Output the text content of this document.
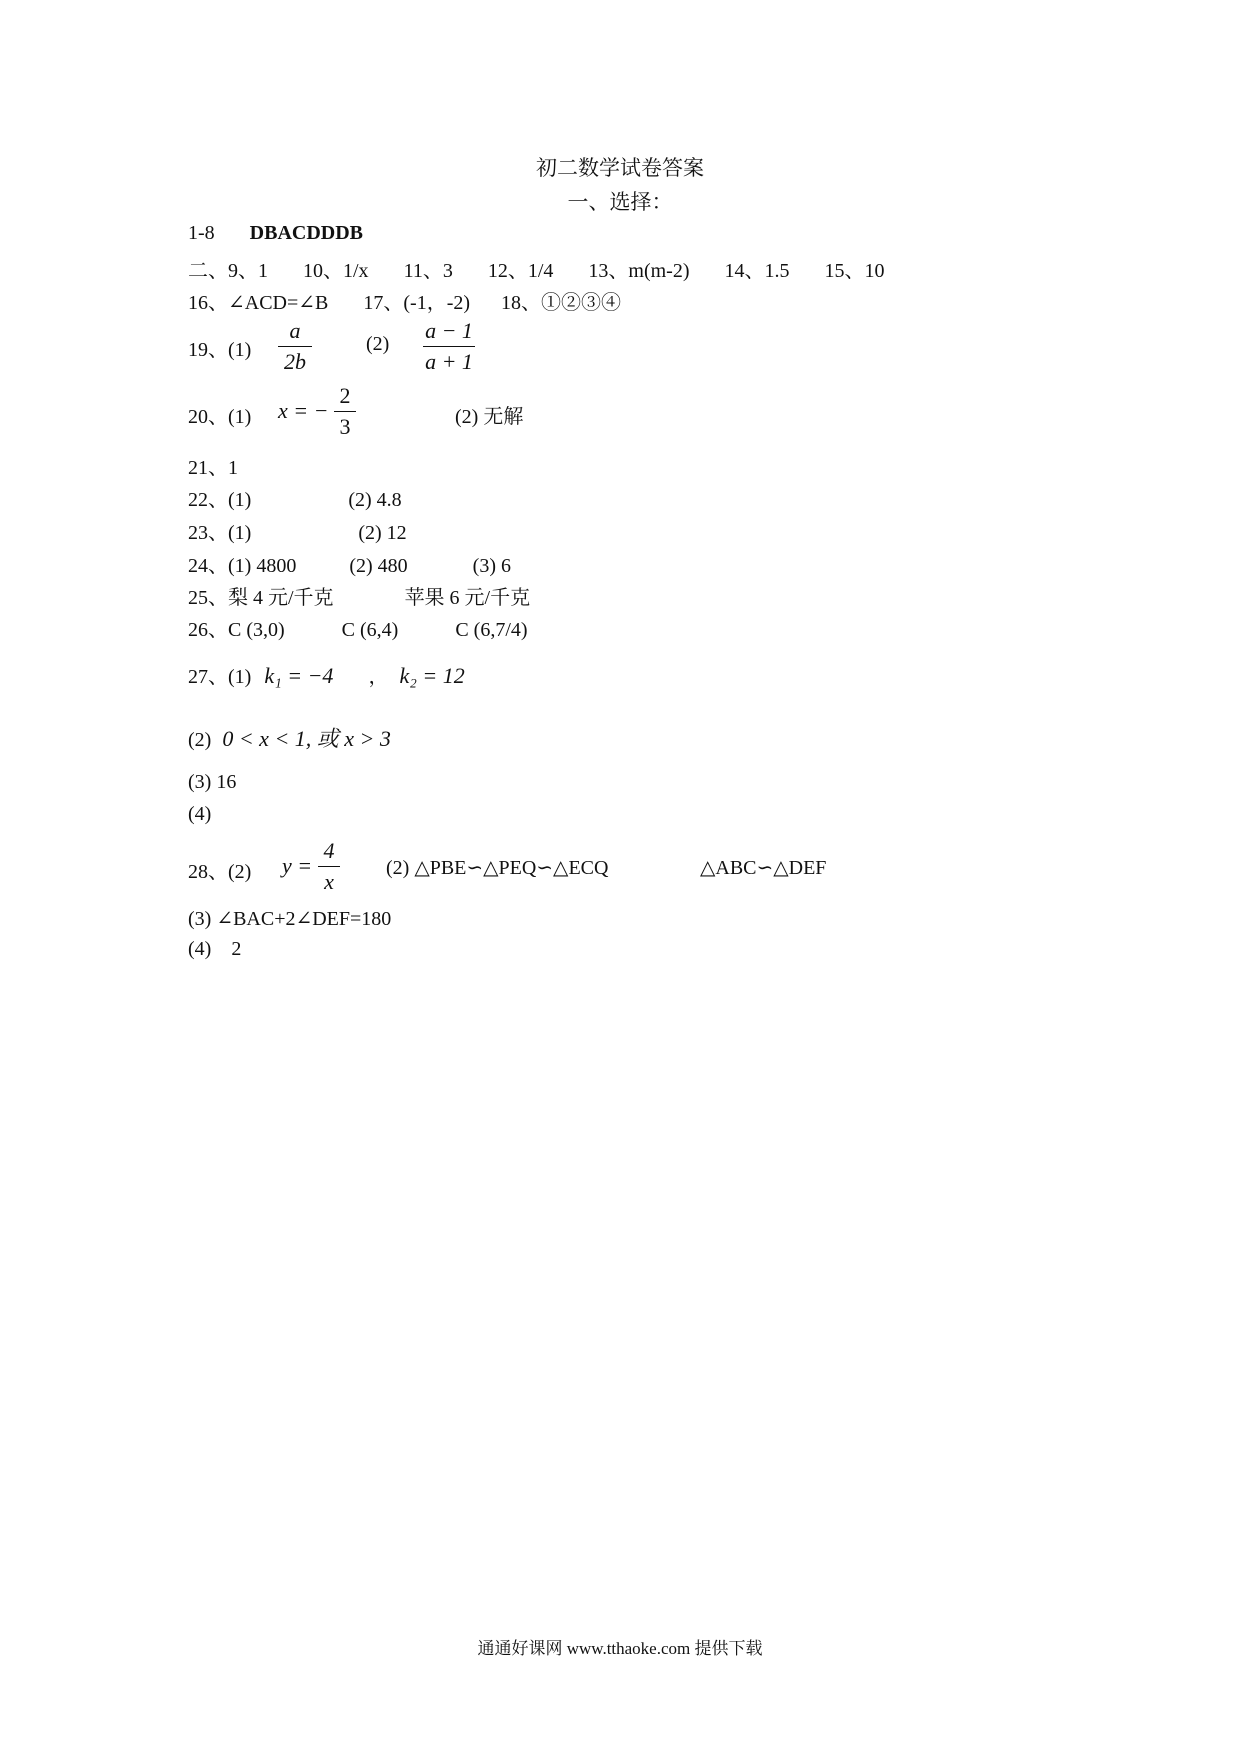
初二数学试卷答案
一、选择：
1-8 DBACDDDB
二、9、1 10、1/x 11、3 12、1/4 13、m(m-2) 14、1.5 15、10
16、∠ACD=∠B 17、(-1，-2) 18、①②③④
19、(1)
a
2b
(2)
a − 1
a + 1
20、(1) x = −
2
3	(2) 无解
21、1
22、(1)	(2) 4.8
23、(1)	(2) 12
24、(1) 4800	(2) 480	(3) 6
25、梨 4 元/千克	苹果 6 元/千克
26、C (3,0)	C (6,4)	C (6,7/4)
27、(1) k₁ = −4 ， k₂ = 12
(2) 0 < x < 1, 或 x > 3
(3) 16
(4)
28、(2) y =
4
x
(2) △PBE∽△PEQ∽△ECQ	△ABC∽△DEF
(3) ∠BAC+2∠DEF=180
(4)    2
通通好课网 www.tthaoke.com 提供下载
